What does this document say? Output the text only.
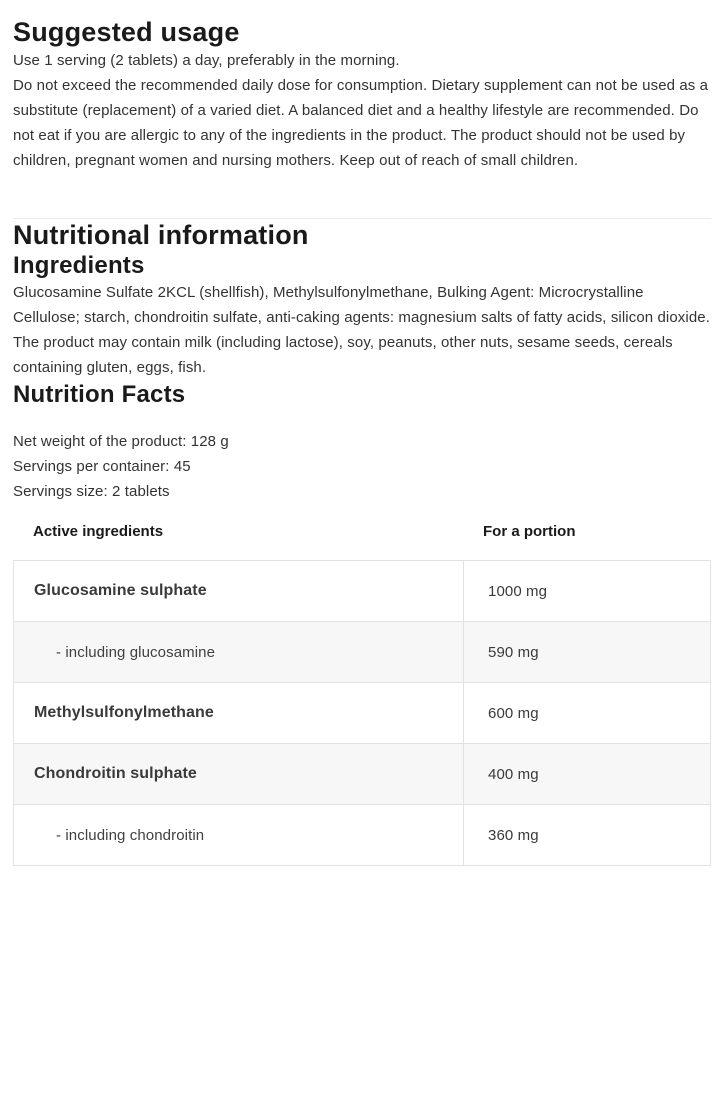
Suggested usage

Use 1 serving (2 tablets) a day, preferably in the morning.

Do not exceed the recommended daily dose for consumption. Dietary supplement can not be used as a substitute (replacement) of a varied diet. A balanced diet and a healthy lifestyle are recommended. Do not eat if you are allergic to any of the ingredients in the product. The product should not be used by children, pregnant women and nursing mothers. Keep out of reach of small children.

Nutritional information
Ingredients

Glucosamine Sulfate 2KCL (shellfish), Methylsulfonylmethane, Bulking Agent: Microcrystalline Cellulose; starch, chondroitin sulfate, anti-caking agents: magnesium salts of fatty acids, silicon dioxide.

The product may contain milk (including lactose), soy, peanuts, other nuts, sesame seeds, cereals containing gluten, eggs, fish.

Nutrition Facts
Net weight of the product: 128 g
Servings per container: 45
Servings size: 2 tablets
Active ingredients	For a portion
Glucosamine sulphate	1000 mg
- including glucosamine	590 mg
Methylsulfonylmethane	600 mg
Chondroitin sulphate	400 mg
- including chondroitin	360 mg
